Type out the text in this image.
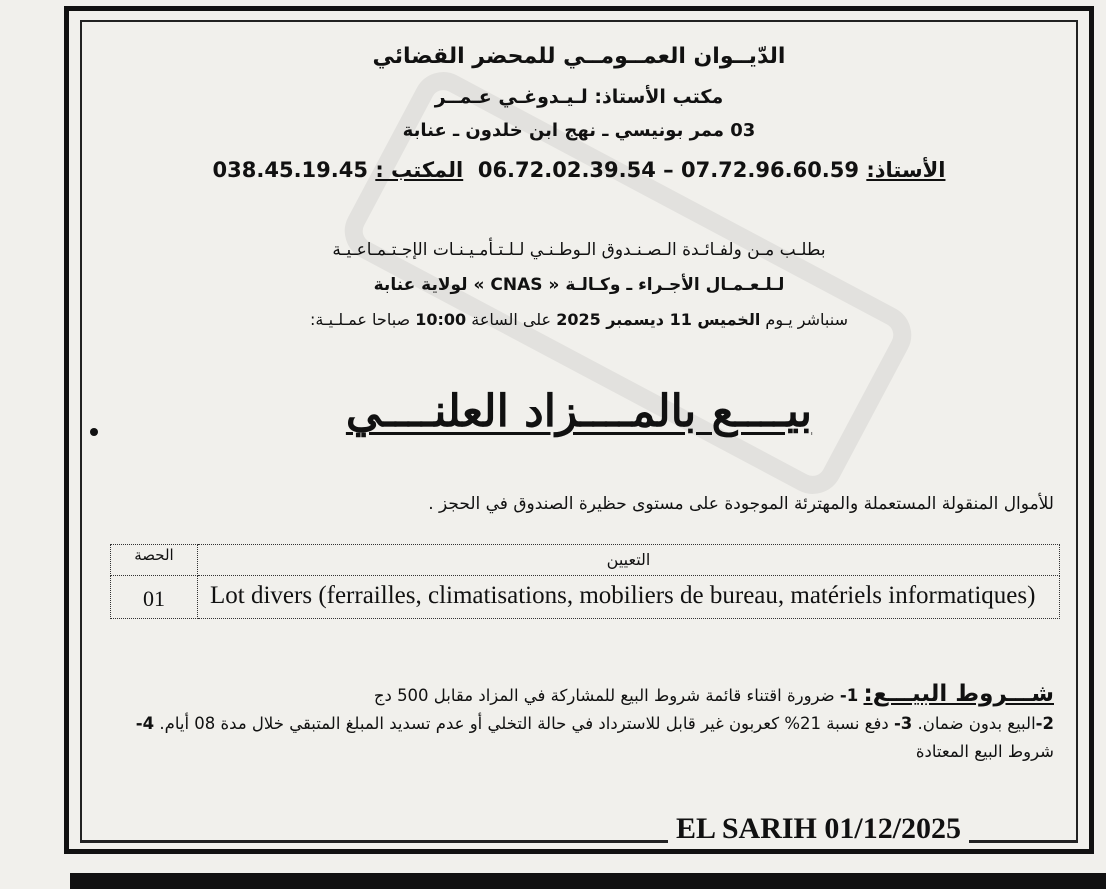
الدّيــوان العمــومــي للمحضر القضائي
مكتب الأستاذ: لـيـدوغـي عـمــر
03 ممر بونيسي ـ نهج ابن خلدون ـ عنابة
الأستاذ: 06.72.02.39.54 – 07.72.96.60.59  المكتب : 038.45.19.45
بطلـب مـن ولفـائـدة الـصـنـدوق الـوطـنـي لـلـتـأمـيـنـات الإجـتـمـاعـيـة
لـلـعـمـال الأجـراء ـ وكـالـة « CNAS » لولاية عنابة
سنباشر يـوم الخميس 11 ديسمبر 2025 على الساعة 10:00 صباحا عمـلـيـة:
بيــــع بالمــــزاد العلنــــي
للأموال المنقولة المستعملة والمهترئة الموجودة على مستوى حظيرة الصندوق في الحجز .
الحصة	التعيين
01	Lot divers (ferrailles, climatisations, mobiliers de bureau, matériels informatiques)
شـــروط البيـــع: 1- ضرورة اقتناء قائمة شروط البيع للمشاركة في المزاد مقابل 500 دج
2-البيع بدون ضمان. 3- دفع نسبة 21% كعربون غير قابل للاسترداد في حالة التخلي أو عدم تسديد المبلغ المتبقي خلال مدة 08 أيام. 4-شروط البيع المعتادة
EL SARIH 01/12/2025
